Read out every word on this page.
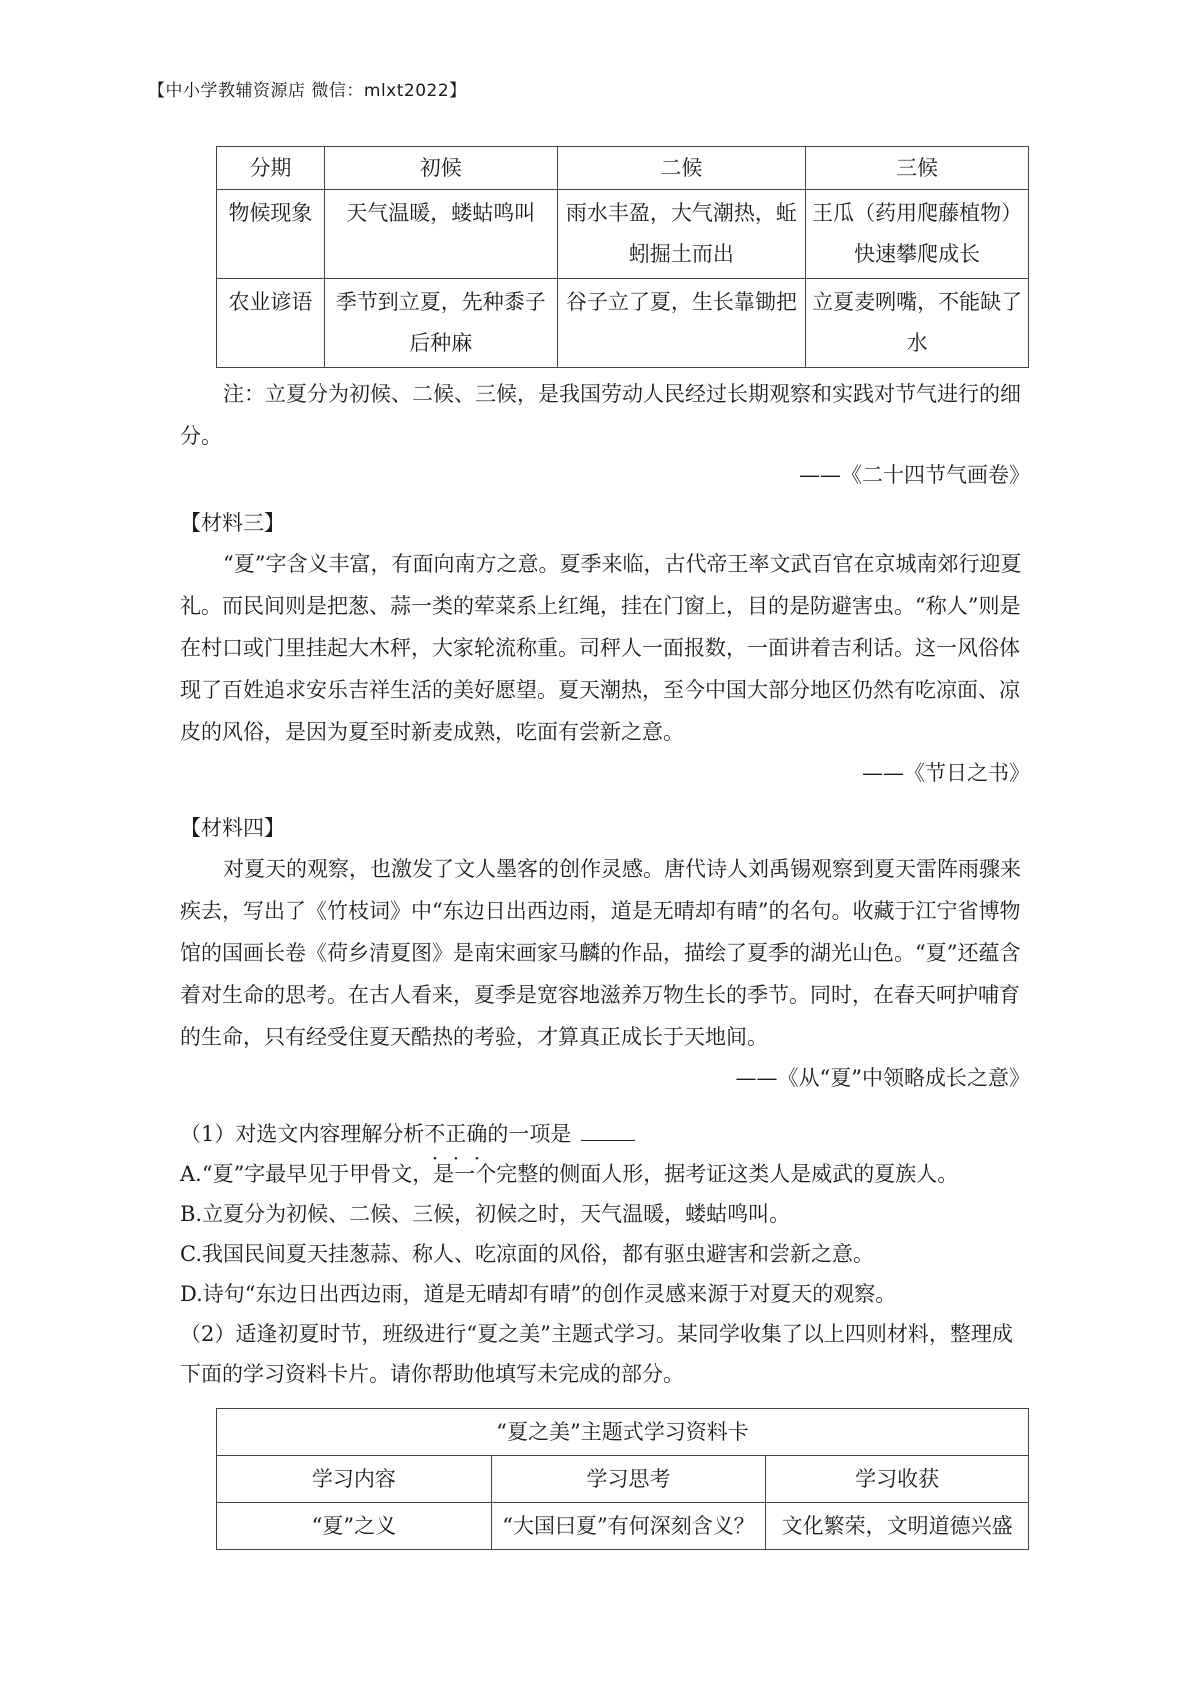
【中小学教辅资源店 微信：mlxt2022】
分期	初候	二候	三候
物候现象	天气温暖，蝼蛄鸣叫	雨水丰盈，大气潮热，蚯蚓掘土而出	王瓜（药用爬藤植物）快速攀爬成长
农业谚语	季节到立夏，先种黍子后种麻	谷子立了夏，生长靠锄把	立夏麦咧嘴，不能缺了水

注：立夏分为初候、二候、三候，是我国劳动人民经过长期观察和实践对节气进行的细分。

——《二十四节气画卷》
【材料三】

“夏”字含义丰富，有面向南方之意。夏季来临，古代帝王率文武百官在京城南郊行迎夏礼。而民间则是把葱、蒜一类的荤菜系上红绳，挂在门窗上，目的是防避害虫。“称人”则是在村口或门里挂起大木秤，大家轮流称重。司秤人一面报数，一面讲着吉利话。这一风俗体现了百姓追求安乐吉祥生活的美好愿望。夏天潮热，至今中国大部分地区仍然有吃凉面、凉皮的风俗，是因为夏至时新麦成熟，吃面有尝新之意。

——《节日之书》
【材料四】

对夏天的观察，也激发了文人墨客的创作灵感。唐代诗人刘禹锡观察到夏天雷阵雨骤来疾去，写出了《竹枝词》中“东边日出西边雨，道是无晴却有晴”的名句。收藏于江宁省博物馆的国画长卷《荷乡清夏图》是南宋画家马麟的作品，描绘了夏季的湖光山色。“夏”还蕴含着对生命的思考。在古人看来，夏季是宽容地滋养万物生长的季节。同时，在春天呵护哺育的生命，只有经受住夏天酷热的考验，才算真正成长于天地间。

——《从“夏”中领略成长之意》
（1）对选文内容理解分析不正确的一项是
A.“夏”字最早见于甲骨文，是一个完整的侧面人形，据考证这类人是威武的夏族人。
B.立夏分为初候、二候、三候，初候之时，天气温暖，蝼蛄鸣叫。
C.我国民间夏天挂葱蒜、称人、吃凉面的风俗，都有驱虫避害和尝新之意。
D.诗句“东边日出西边雨，道是无晴却有晴”的创作灵感来源于对夏天的观察。
（2）适逢初夏时节，班级进行“夏之美”主题式学习。某同学收集了以上四则材料，整理成下面的学习资料卡片。请你帮助他填写未完成的部分。
“夏之美”主题式学习资料卡		
学习内容	学习思考	学习收获
“夏”之义	“大国曰夏”有何深刻含义？	文化繁荣，文明道德兴盛
